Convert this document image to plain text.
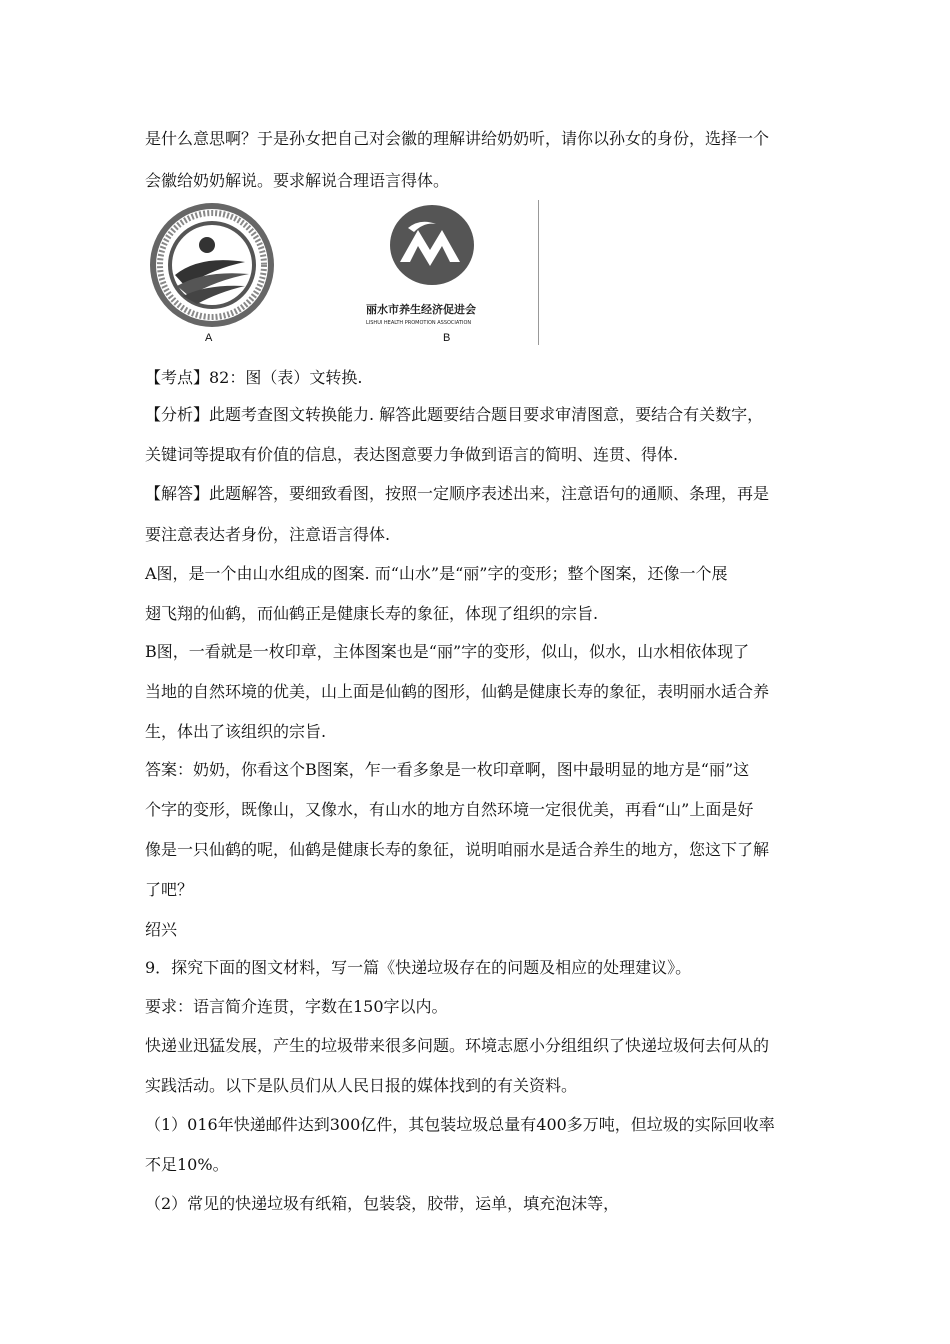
是什么意思啊？于是孙女把自己对会徽的理解讲给奶奶听，请你以孙女的身份，选择一个
会徽给奶奶解说。要求解说合理语言得体。
A
丽水市养生经济促进会
LISHUI HEALTH PROMOTION ASSOCIATION
B
【考点】82：图（表）文转换.
【分析】此题考查图文转换能力. 解答此题要结合题目要求审清图意，要结合有关数字，
关键词等提取有价值的信息，表达图意要力争做到语言的简明、连贯、得体.
【解答】此题解答，要细致看图，按照一定顺序表述出来，注意语句的通顺、条理，再是
要注意表达者身份，注意语言得体.
A图，是一个由山水组成的图案. 而“山水”是“丽”字的变形；整个图案，还像一个展
翅飞翔的仙鹤，而仙鹤正是健康长寿的象征，体现了组织的宗旨.
B图，一看就是一枚印章，主体图案也是“丽”字的变形，似山，似水，山水相依体现了
当地的自然环境的优美，山上面是仙鹤的图形，仙鹤是健康长寿的象征，表明丽水适合养
生，体出了该组织的宗旨.
答案：奶奶，你看这个B图案，乍一看多象是一枚印章啊，图中最明显的地方是“丽”这
个字的变形，既像山，又像水，有山水的地方自然环境一定很优美，再看“山”上面是好
像是一只仙鹤的呢，仙鹤是健康长寿的象征，说明咱丽水是适合养生的地方，您这下了解
了吧？
绍兴
9．探究下面的图文材料，写一篇《快递垃圾存在的问题及相应的处理建议》。
要求：语言简介连贯，字数在150字以内。
快递业迅猛发展，产生的垃圾带来很多问题。环境志愿小分组组织了快递垃圾何去何从的
实践活动。以下是队员们从人民日报的媒体找到的有关资料。
（1）016年快递邮件达到300亿件，其包装垃圾总量有400多万吨，但垃圾的实际回收率
不足10%。
（2）常见的快递垃圾有纸箱，包装袋，胶带，运单，填充泡沫等，
